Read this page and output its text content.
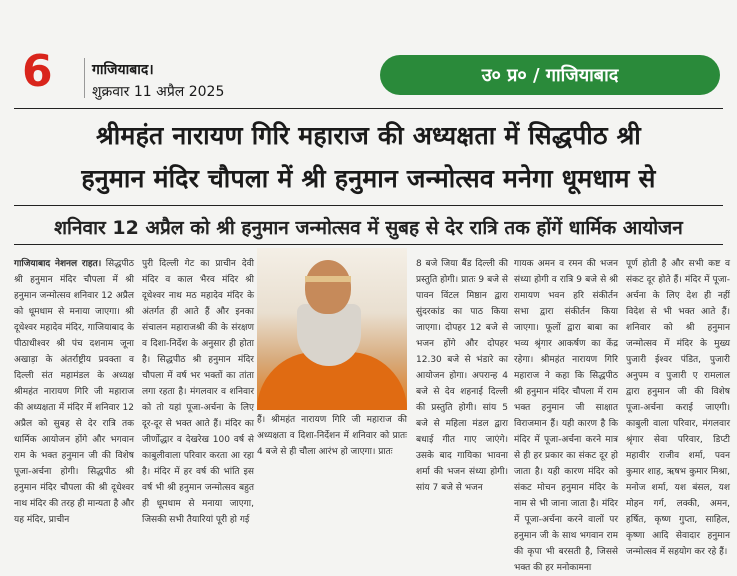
6	गाजियाबाद।
शुक्रवार 11 अप्रैल 2025
उ० प्र० / गाजियाबाद
श्रीमहंत नारायण गिरि महाराज की अध्यक्षता में सिद्धपीठ श्री
हनुमान मंदिर चौपला में श्री हनुमान जन्मोत्सव मनेगा धूमधाम से
शनिवार 12 अप्रैल को श्री हनुमान जन्मोत्सव में सुबह से देर रात्रि तक होंगें धार्मिक आयोजन
गाजियाबाद नेशनल राहत। सिद्धपीठ श्री हनुमान मंदिर चौपला में श्री हनुमान जन्मोत्सव शनिवार 12 अप्रैल को धूमधाम से मनाया जाएगा। श्री दूधेश्वर महादेव मंदिर, गाजियाबाद के पीठाधीश्वर श्री पंच दशनाम जूना अखाड़ा के अंतर्राष्ट्रीय प्रवक्ता व दिल्ली संत महामंडल के अध्यक्ष श्रीमहंत नारायण गिरि जी महाराज की अध्यक्षता में मंदिर में शनिवार 12 अप्रैल को सुबह से देर रात्रि तक धार्मिक आयोजन होंगे और भगवान राम के भक्त हनुमान जी की विशेष पूजा-अर्चना होगी। सिद्धपीठ श्री हनुमान मंदिर चौपला की श्री दूधेश्वर नाथ मंदिर की तरह ही मान्यता है और यह मंदिर, प्राचीन
पुरी दिल्ली गेट का प्राचीन देवी मंदिर व काल भैरव मंदिर श्री दूधेश्वर नाथ मठ महादेव मंदिर के अंतर्गत ही आते हैं और इनका संचालन महाराजश्री की के संरक्षण व दिशा-निर्देश के अनुसार ही होता है। सिद्धपीठ श्री हनुमान मंदिर चौपला में वर्ष भर भक्तों का तांता लगा रहता है। मंगलवार व शनिवार को तो यहां पूजा-अर्चना के लिए दूर-दूर से भक्त आते हैं। मंदिर का जीर्णोद्धार व देखरेख 100 वर्ष से काबुलीवाला परिवार करता आ रहा है। मंदिर में हर वर्ष की भांति इस वर्ष भी श्री हनुमान जन्मोत्सव बहुत ही धूमधाम से मनाया जाएगा, जिसकी सभी तैयारियां पूरी हो गई
8 बजे जिया बैंड दिल्ली की प्रस्तुति होगी। प्रातः 9 बजे से पावन विंटल मिष्ठान द्वारा सुंदरकांड का पाठ किया जाएगा। दोपहर 12 बजे से भजन होंगे और दोपहर 12.30 बजे से भंडारे का आयोजन होगा। अपरान्ह 4 बजे से देव शहनाई दिल्ली की प्रस्तुति होगी। सांय 5 बजे से महिला मंडल द्वारा बधाई गीत गाए जाएंगे। उसके बाद गायिका भावना शर्मा की भजन संध्या होगी। सांय 7 बजे से भजन
गायक अमन व रमन की भजन संध्या होगी व रात्रि 9 बजे से श्री रामायण भवन हरि संकीर्तन सभा द्वारा संकीर्तन किया जाएगा। फूलों द्वारा बाबा का भव्य श्रृंगार आकर्षण का केंद्र रहेगा। श्रीमहंत नारायण गिरि महाराज ने कहा कि सिद्धपीठ श्री हनुमान मंदिर चौपला में राम भक्त हनुमान जी साक्षात विराजमान हैं। यही कारण है कि मंदिर में पूजा-अर्चना करने मात्र से ही हर प्रकार का संकट दूर हो जाता है। यही कारण मंदिर को संकट मोचन हनुमान मंदिर के नाम से भी जाना जाता है। मंदिर में पूजा-अर्चना करने वालों पर हनुमान जी के साथ भगवान राम की कृपा भी बरसती है, जिससे भक्त की हर मनोकामना
पूर्ण होती है और सभी कष्ट व संकट दूर होते हैं। मंदिर में पूजा-अर्चना के लिए देश ही नहीं विदेश से भी भक्त आते हैं। शनिवार को श्री हनुमान जन्मोत्सव में मंदिर के मुख्य पुजारी ईश्वर पंडित, पुजारी अनुपम व पुजारी ए रामलाल द्वारा हनुमान जी की विशेष पूजा-अर्चना कराई जाएगी। काबुली वाला परिवार, मंगलवार श्रृंगार सेवा परिवार, डिप्टी महावीर राजीव शर्मा, पवन कुमार शाह, ऋषभ कुमार मिश्रा, मनोज शर्मा, यश बंसल, यश मोहन गर्ग, लक्की, अमन, हर्षित, कृष्ण गुप्ता, साहिल, कृष्णा आदि सेवादार हनुमान जन्मोत्सव में सहयोग कर रहे हैं।
हैं। श्रीमहंत नारायण गिरि जी महाराज की अध्यक्षता व दिशा-निर्देशन में शनिवार को प्रातः 4 बजे से ही चौला आरंभ हो जाएगा। प्रातः
